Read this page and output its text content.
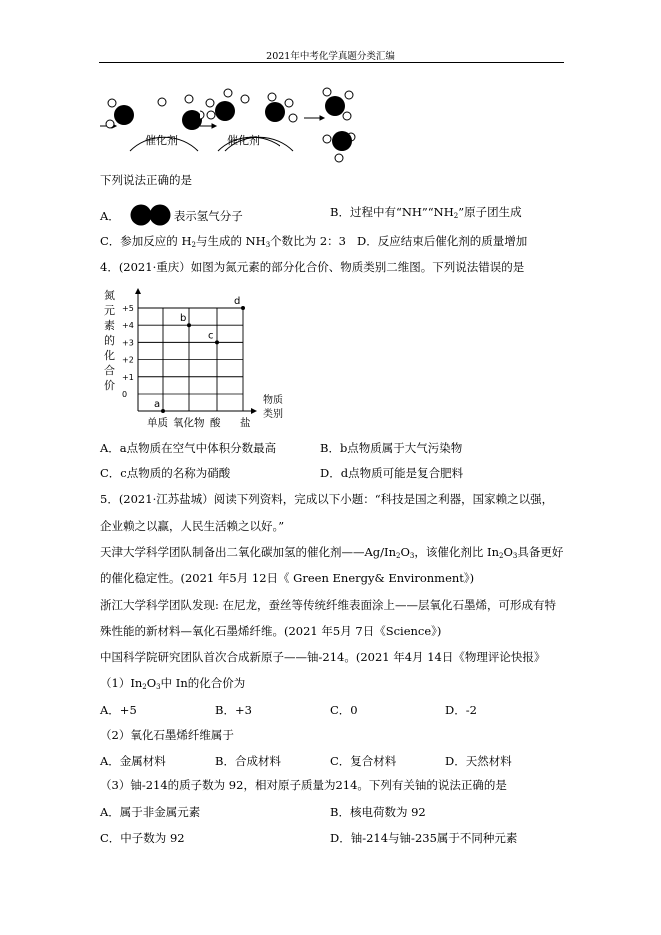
2021年中考化学真题分类汇编
催化剂	催化剂
下列说法正确的是
A．	表示氢气分子	B．过程中有“$NH”“NH_2$”原子团生成
C．参加反应的 $H_2$与生成的 $NH_3$个数比为 2：3 D．反应结束后催化剂的质量增加
4．(2021·重庆）如图为氮元素的部分化合价、物质类别二维图。下列说法错误的是
氮
元
素
的
化
合
价
+5
+4
+3
+2
+1
0
单质 氧化物 酸 盐
物质
类别
a
b
c
d
A．a点物质在空气中体积分数最高	B．b点物质属于大气污染物
C．c点物质的名称为硝酸	D．d点物质可能是复合肥料
5．(2021·江苏盐城）阅读下列资料，完成以下小题：“科技是国之利器，国家赖之以强，
企业赖之以赢，人民生活赖之以好。”
天津大学科学团队制备出二氧化碳加氢的催化剂$——Ag/In_2O_3$，该催化剂比 $In_2O_3$具备更好
的催化稳定性。(2021 年5月 12日《 Green Energy& Environment》)
浙江大学科学团队发现: 在尼龙，蚕丝等传统纤维表面涂上——层氧化石墨烯，可形成有特
殊性能的新材料—氧化石墨烯纤维。(2021 年5月 7日《Science》)
中国科学院研究团队首次合成新原子——铀-214。(2021 年4月 14日《物理评论快报》
$(1)In_2O_3$中 In的化合价为
A．+5	B．+3	C．0	D．-2
（2）氧化石墨烯纤维属于
A．金属材料	B．合成材料	C．复合材料	D．天然材料
（3）铀-214的质子数为 92，相对原子质量为214。下列有关铀的说法正确的是
A．属于非金属元素	B．核电荷数为 92
C．中子数为 92	D．铀-214与铀-235属于不同种元素
